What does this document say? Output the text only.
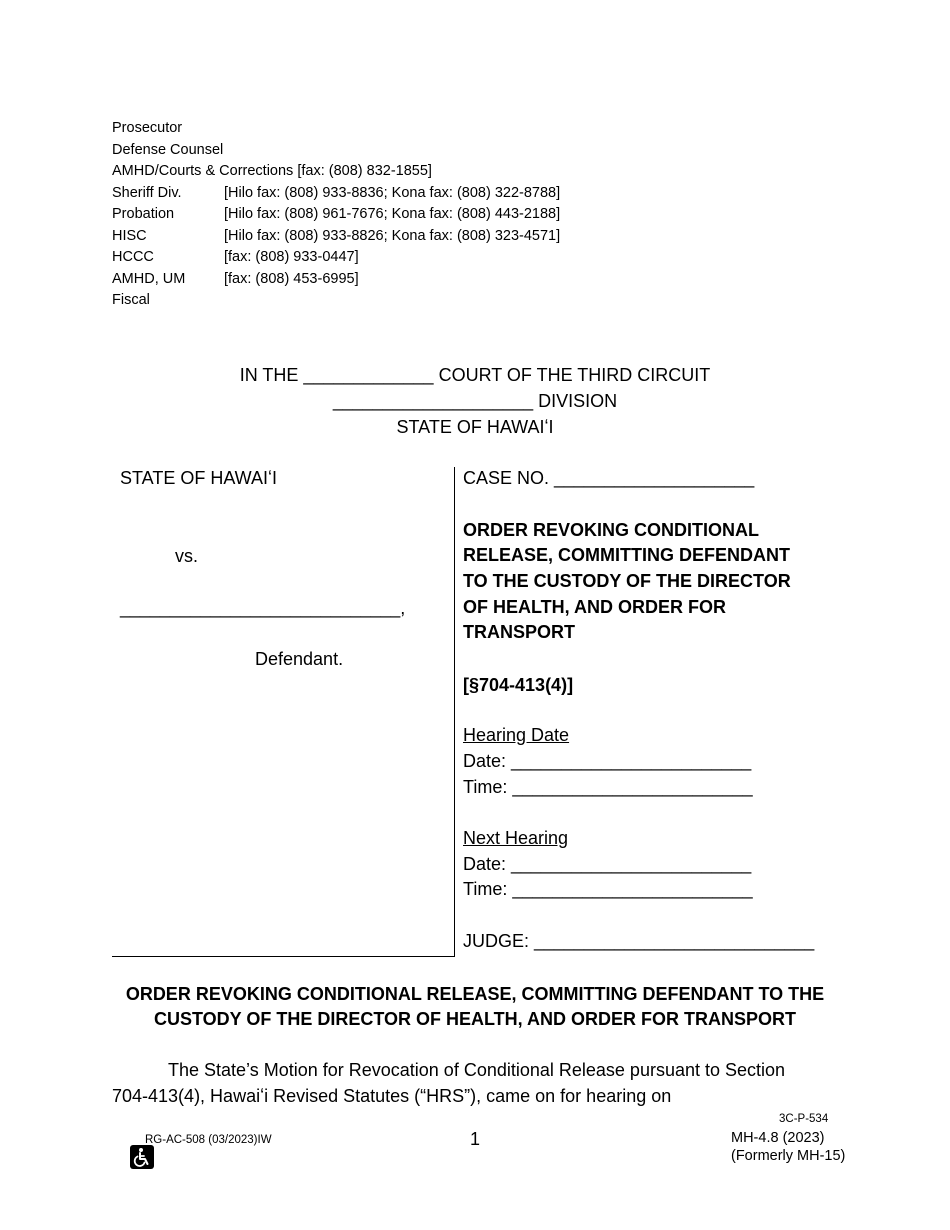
Prosecutor
Defense Counsel
AMHD/Courts & Corrections [fax: (808) 832-1855]
Sheriff Div.	[Hilo fax: (808) 933-8836; Kona fax: (808) 322-8788]
Probation	[Hilo fax: (808) 961-7676; Kona fax: (808) 443-2188]
HISC	[Hilo fax: (808) 933-8826; Kona fax: (808) 323-4571]
HCCC	[fax: (808) 933-0447]
AMHD, UM	[fax: (808) 453-6995]
Fiscal
IN THE _____________ COURT OF THE THIRD CIRCUIT
____________________ DIVISION
STATE OF HAWAIʻI
STATE OF HAWAIʻI
vs.
____________________________,
Defendant.
CASE NO. ____________________
ORDER REVOKING CONDITIONAL
RELEASE, COMMITTING DEFENDANT
TO THE CUSTODY OF THE DIRECTOR
OF HEALTH, AND ORDER FOR
TRANSPORT
[§704-413(4)]
Hearing Date
Date: ________________________
Time: ________________________
Next Hearing
Date: ________________________
Time: ________________________
JUDGE: ____________________________
ORDER REVOKING CONDITIONAL RELEASE, COMMITTING DEFENDANT TO THE
CUSTODY OF THE DIRECTOR OF HEALTH, AND ORDER FOR TRANSPORT
The State’s Motion for Revocation of Conditional Release pursuant to Section
704-413(4), Hawaiʻi Revised Statutes (“HRS”), came on for hearing on

RG-AC-508 (03/2023)IW	1
3C-P-534
MH-4.8 (2023)
(Formerly MH-15)
